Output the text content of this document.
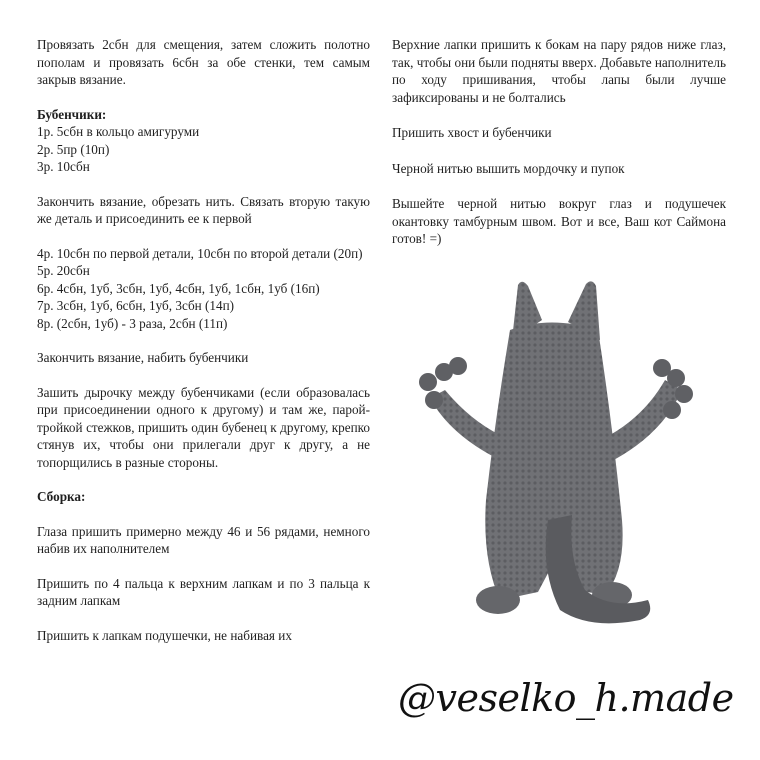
Провязать 2сбн для смещения, затем сложить полотно пополам и провязать 6сбн за обе стенки, тем самым закрыв вязание.

Бубенчики:
1р. 5сбн в кольцо амигуруми
2р. 5пр (10п)
3р. 10сбн

Закончить вязание, обрезать нить. Связать вторую такую же деталь и присоединить ее к первой

4р. 10сбн по первой детали, 10сбн по второй детали (20п)
5р. 20сбн
6р. 4сбн, 1уб, 3сбн, 1уб, 4сбн, 1уб, 1сбн, 1уб (16п)
7р. 3сбн, 1уб, 6сбн, 1уб, 3сбн (14п)
8р. (2сбн, 1уб) - 3 раза, 2сбн (11п)

Закончить вязание, набить бубенчики

Зашить дырочку между бубенчиками (если образовалась при присоединении одного к другому) и там же, парой-тройкой стежков, пришить один бубенец к другому, крепко стянув их, чтобы они прилегали друг к другу, а не топорщились в разные стороны.

Сборка:

Глаза пришить примерно между 46 и 56 рядами, немного набив их наполнителем

Пришить по 4 пальца к верхним лапкам и по 3 пальца к задним лапкам

Пришить к лапкам подушечки, не набивая их

Верхние лапки пришить к бокам на пару рядов ниже глаз, так, чтобы они были подняты вверх. Добавьте наполнитель по ходу пришивания, чтобы лапы были лучше зафиксированы и не болтались

Пришить хвост и бубенчики

Черной нитью вышить мордочку и пупок

Вышейте черной нитью вокруг глаз и подушечек окантовку тамбурным швом. Вот и все, Ваш кот Саймона готов! =)

@veselko_h.made
